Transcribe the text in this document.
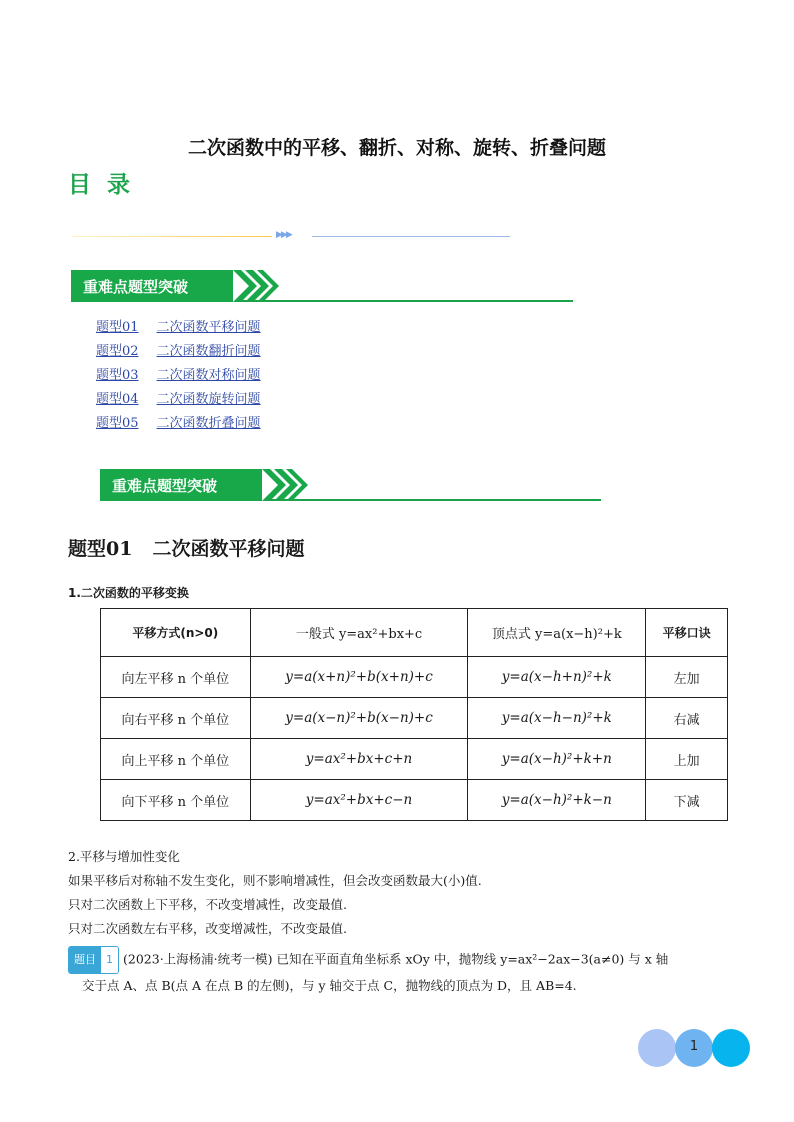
二次函数中的平移、翻折、对称、旋转、折叠问题
目 录
▶▶▶
重难点题型突破
题型01 二次函数平移问题
题型02 二次函数翻折问题
题型03 二次函数对称问题
题型04 二次函数旋转问题
题型05 二次函数折叠问题
重难点题型突破
题型01 二次函数平移问题
1.二次函数的平移变换
平移方式(n>0)	一般式 y=ax²+bx+c	顶点式 y=a(x−h)²+k	平移口诀
向左平移 n 个单位	y=a(x+n)²+b(x+n)+c	y=a(x−h+n)²+k	左加
向右平移 n 个单位	y=a(x−n)²+b(x−n)+c	y=a(x−h−n)²+k	右减
向上平移 n 个单位	y=ax²+bx+c+n	y=a(x−h)²+k+n	上加
向下平移 n 个单位	y=ax²+bx+c−n	y=a(x−h)²+k−n	下减
2.平移与增加性变化
如果平移后对称轴不发生变化，则不影响增减性，但会改变函数最大(小)值.
只对二次函数上下平移，不改变增减性，改变最值.
只对二次函数左右平移，改变增减性，不改变最值.
题目 1 (2023·上海杨浦·统考一模) 已知在平面直角坐标系 xOy 中，抛物线 y=ax²−2ax−3(a≠0) 与 x 轴
交于点 A、点 B(点 A 在点 B 的左侧)，与 y 轴交于点 C，抛物线的顶点为 D，且 AB=4.
1
